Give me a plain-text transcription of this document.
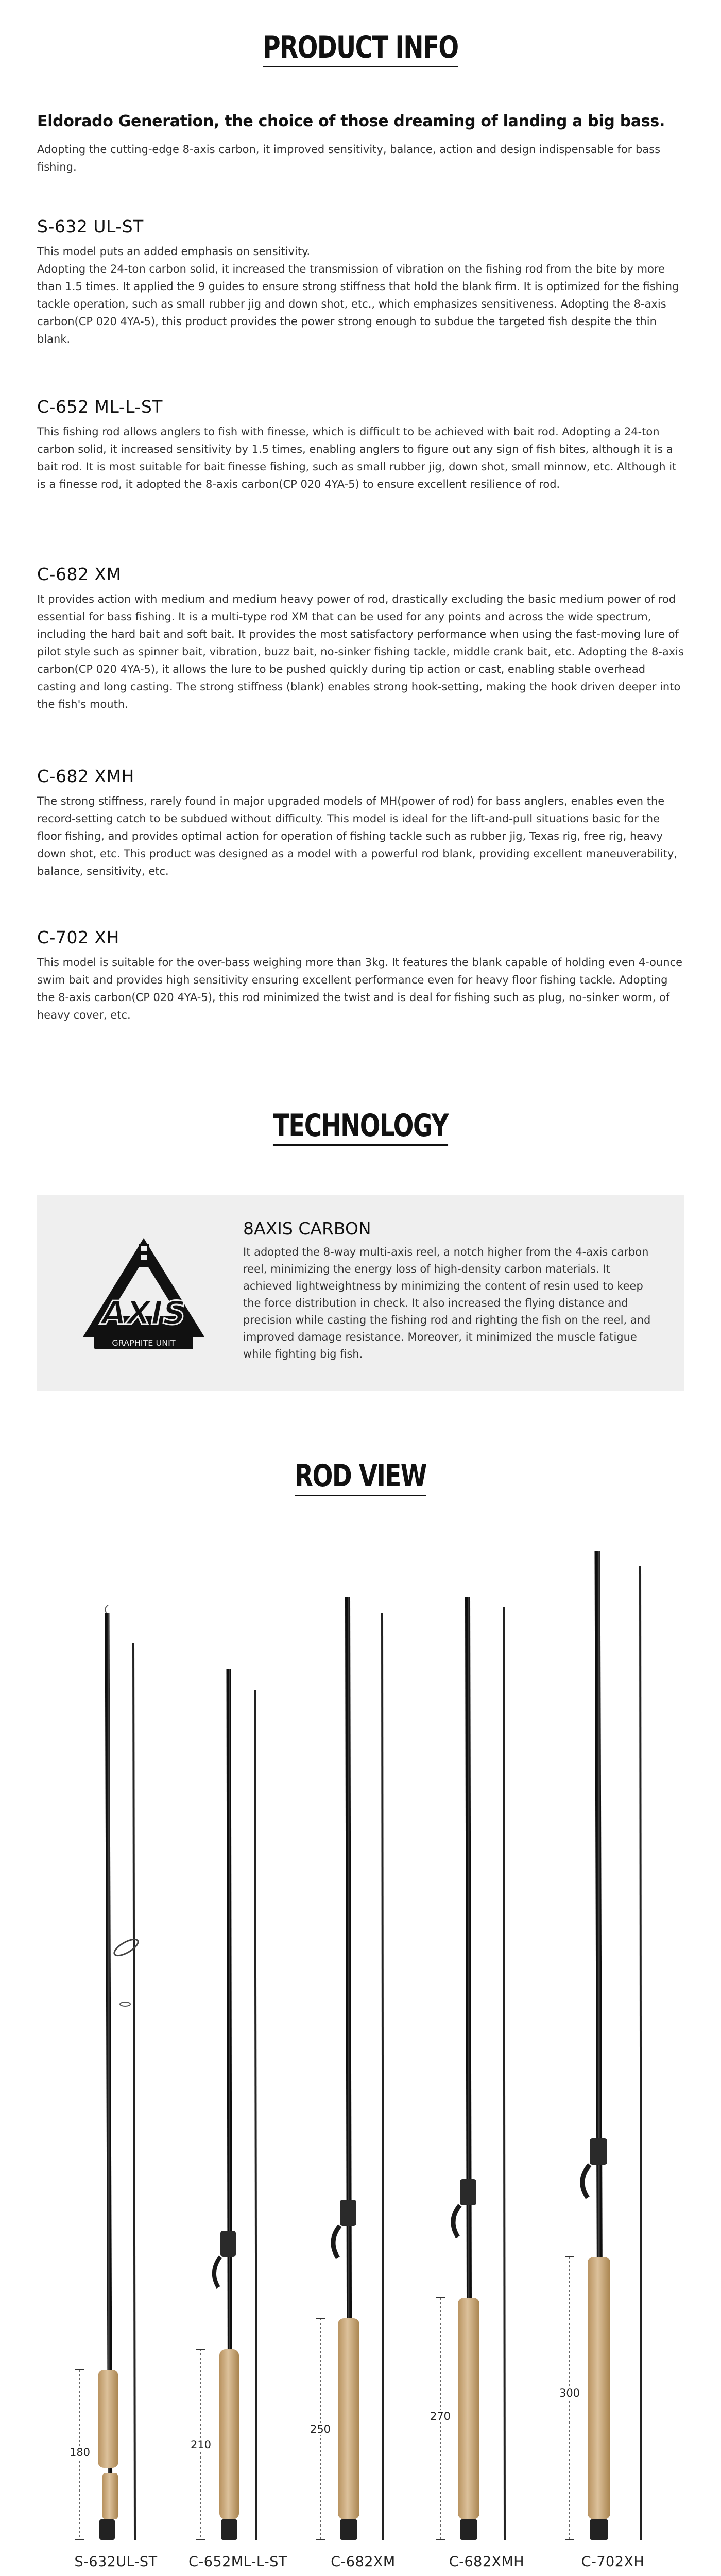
PRODUCT INFO

Eldorado Generation, the choice of those dreaming of landing a big bass.

Adopting the cutting-edge 8-axis carbon, it improved sensitivity, balance, action and design indispensable for bass fishing.

S-632 UL-ST

This model puts an added emphasis on sensitivity.
Adopting the 24-ton carbon solid, it increased the transmission of vibration on the fishing rod from the bite by more than 1.5 times. It applied the 9 guides to ensure strong stiffness that hold the blank firm. It is optimized for the fishing tackle operation, such as small rubber jig and down shot, etc., which emphasizes sensitiveness. Adopting the 8-axis carbon(CP 020 4YA-5), this product provides the power strong enough to subdue the targeted fish despite the thin blank.

C-652 ML-L-ST

This fishing rod allows anglers to fish with finesse, which is difficult to be achieved with bait rod. Adopting a 24-ton carbon solid, it increased sensitivity by 1.5 times, enabling anglers to figure out any sign of fish bites, although it is a bait rod. It is most suitable for bait finesse fishing, such as small rubber jig, down shot, small minnow, etc. Although it is a finesse rod, it adopted the 8-axis carbon(CP 020 4YA-5) to ensure excellent resilience of rod.

C-682 XM

It provides action with medium and medium heavy power of rod, drastically excluding the basic medium power of rod essential for bass fishing. It is a multi-type rod XM that can be used for any points and across the wide spectrum, including the hard bait and soft bait. It provides the most satisfactory performance when using the fast-moving lure of pilot style such as spinner bait, vibration, buzz bait, no-sinker fishing tackle, middle crank bait, etc. Adopting the 8-axis carbon(CP 020 4YA-5), it allows the lure to be pushed quickly during tip action or cast, enabling stable overhead casting and long casting. The strong stiffness (blank) enables strong hook-setting, making the hook driven deeper into the fish's mouth.

C-682 XMH

The strong stiffness, rarely found in major upgraded models of MH(power of rod) for bass anglers, enables even the record-setting catch to be subdued without difficulty. This model is ideal for the lift-and-pull situations basic for the floor fishing, and provides optimal action for operation of fishing tackle such as rubber jig, Texas rig, free rig, heavy down shot, etc. This product was designed as a model with a powerful rod blank, providing excellent maneuverability, balance, sensitivity, etc.

C-702 XH

This model is suitable for the over-bass weighing more than 3kg. It features the blank capable of holding even 4-ounce swim bait and provides high sensitivity ensuring excellent performance even for heavy floor fishing tackle. Adopting the 8-axis carbon(CP 020 4YA-5), this rod minimized the twist and is deal for fishing such as plug, no-sinker worm, of heavy cover, etc.

TECHNOLOGY
AXIS
GRAPHITE UNIT
8AXIS CARBON

It adopted the 8-way multi-axis reel, a notch higher from the 4-axis carbon reel, minimizing the energy loss of high-density carbon materials. It achieved lightweightness by minimizing the content of resin used to keep the force distribution in check. It also increased the flying distance and precision while casting the fishing rod and righting the fish on the reel, and improved damage resistance. Moreover, it minimized the muscle fatigue while fighting big fish.

ROD VIEW
180
210
250
270
300
S-632UL-ST C-652ML-L-ST	C-682XM	C-682XMH	C-702XH
